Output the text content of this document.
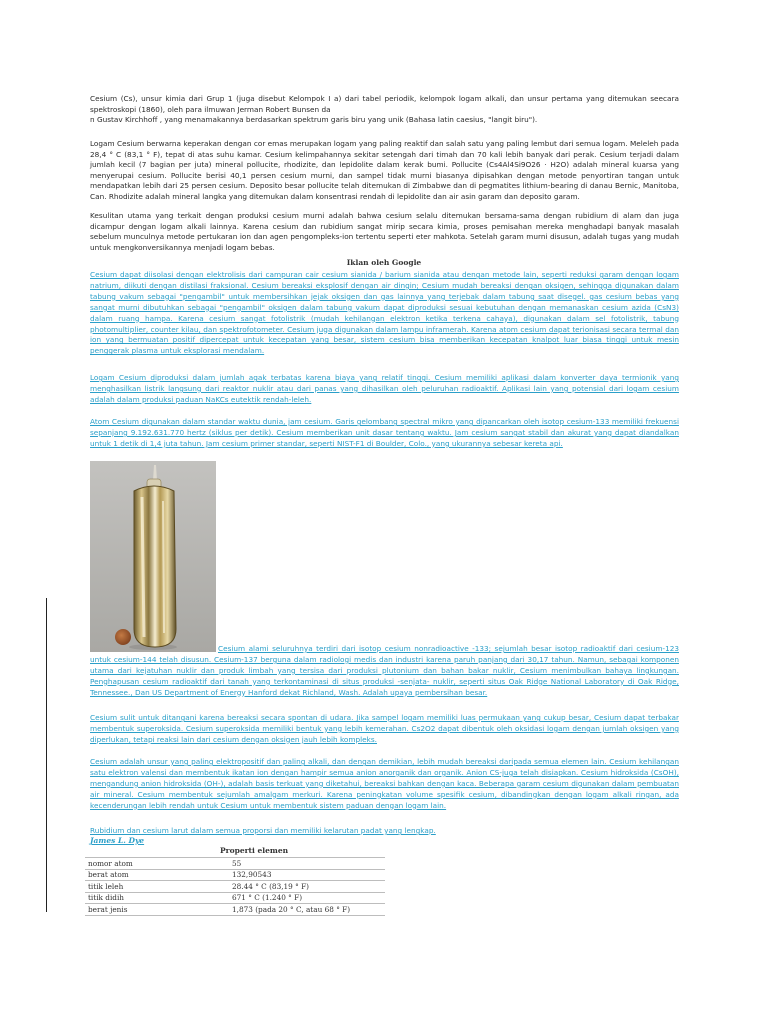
Cesium (Cs), unsur kimia dari Grup 1 (juga disebut Kelompok I a) dari tabel periodik, kelompok logam alkali, dan unsur pertama yang ditemukan seecara spektroskopi (1860), oleh para ilmuwan Jerman Robert Bunsen da

n Gustav Kirchhoff , yang menamakannya berdasarkan spektrum garis biru yang unik (Bahasa latin caesius, "langit biru").

Logam Cesium berwarna keperakan dengan cor emas merupakan logam yang paling reaktif dan salah satu yang paling lembut dari semua logam. Meleleh pada 28,4 ° C (83,1 ° F), tepat di atas suhu kamar. Cesium kelimpahannya sekitar setengah dari timah dan 70 kali lebih banyak dari perak. Cesium terjadi dalam jumlah kecil (7 bagian per juta) mineral pollucite, rhodizite, dan lepidolite dalam kerak bumi. Pollucite (Cs4Al4Si9O26 · H2O) adalah mineral kuarsa yang menyerupai cesium. Pollucite berisi 40,1 persen cesium murni, dan sampel tidak murni biasanya dipisahkan dengan metode penyortiran tangan untuk mendapatkan lebih dari 25 persen cesium. Deposito besar pollucite telah ditemukan di Zimbabwe dan di pegmatites lithium-bearing di danau Bernic, Manitoba, Can. Rhodizite adalah mineral langka yang ditemukan dalam konsentrasi rendah di lepidolite dan air asin garam dan deposito garam.

Kesulitan utama yang terkait dengan produksi cesium murni adalah bahwa cesium selalu ditemukan bersama-sama dengan rubidium di alam dan juga dicampur dengan logam alkali lainnya. Karena cesium dan rubidium sangat mirip secara kimia, proses pemisahan mereka menghadapi banyak masalah sebelum munculnya metode pertukaran ion dan agen pengompleks-ion tertentu seperti eter mahkota. Setelah garam murni disusun, adalah tugas yang mudah untuk mengkonversikannya menjadi logam bebas.

Iklan oleh Google

Cesium dapat diisolasi dengan elektrolisis dari campuran cair cesium sianida / barium sianida atau dengan metode lain, seperti reduksi garam dengan logam natrium, diikuti dengan distilasi fraksional. Cesium bereaksi eksplosif dengan air dingin; Cesium mudah bereaksi dengan oksigen, sehingga digunakan dalam tabung vakum sebagai "pengambil" untuk membersihkan jejak oksigen dan gas lainnya yang terjebak dalam tabung saat disegel. gas cesium bebas yang sangat murni dibutuhkan sebagai "pengambil" oksigen dalam tabung vakum dapat diproduksi sesuai kebutuhan dengan memanaskan cesium azida (CsN3) dalam ruang hampa. Karena cesium sangat fotolistrik (mudah kehilangan elektron ketika terkena cahaya), digunakan dalam sel fotolistrik, tabung photomultiplier, counter kilau, dan spektrofotometer. Cesium juga digunakan dalam lampu inframerah. Karena atom cesium dapat terionisasi secara termal dan ion yang bermuatan positif dipercepat untuk kecepatan yang besar, sistem cesium bisa memberikan kecepatan knalpot luar biasa tinggi untuk mesin penggerak plasma untuk eksplorasi mendalam.

Logam Cesium diproduksi dalam jumlah agak terbatas karena biaya yang relatif tinggi. Cesium memiliki aplikasi dalam konverter daya termionik yang menghasilkan listrik langsung dari reaktor nuklir atau dari panas yang dihasilkan oleh peluruhan radioaktif. Aplikasi lain yang potensial dari logam cesium adalah dalam produksi paduan NaKCs eutektik rendah-leleh.

Atom Cesium digunakan dalam standar waktu dunia, jam cesium. Garis gelombang spectral mikro yang dipancarkan oleh isotop cesium-133 memiliki frekuensi sepanjang 9.192.631.770 hertz (siklus per detik). Cesium memberikan unit dasar tentang waktu. Jam cesium sangat stabil dan akurat yang dapat diandalkan untuk 1 detik di 1,4 juta tahun. Jam cesium primer standar, seperti NIST-F1 di Boulder, Colo., yang ukurannya sebesar kereta api.

Cesium alami seluruhnya terdiri dari isotop cesium nonradioactive -133; sejumlah besar isotop radioaktif dari cesium-123 untuk cesium-144 telah disusun. Cesium-137 berguna dalam radiologi medis dan industri karena paruh panjang dari 30,17 tahun. Namun, sebagai komponen utama dari kejatuhan nuklir dan produk limbah yang tersisa dari produksi plutonium dan bahan bakar nuklir, Cesium menimbulkan bahaya lingkungan. Penghapusan cesium radioaktif dari tanah yang terkontaminasi di situs produksi -senjata- nuklir, seperti situs Oak Ridge National Laboratory di Oak Ridge, Tennessee., Dan US Department of Energy Hanford dekat Richland, Wash. Adalah upaya pembersihan besar.

Cesium sulit untuk ditangani karena bereaksi secara spontan di udara. Jika sampel logam memiliki luas permukaan yang cukup besar, Cesium dapat terbakar membentuk superoksida. Cesium superoksida memiliki bentuk yang lebih kemerahan. Cs2O2 dapat dibentuk oleh oksidasi logam dengan jumlah oksigen yang diperlukan, tetapi reaksi lain dari cesium dengan oksigen jauh lebih kompleks.

Cesium adalah unsur yang paling elektropositif dan paling alkali, dan dengan demikian, lebih mudah bereaksi daripada semua elemen lain. Cesium kehilangan satu elektron valensi dan membentuk ikatan ion dengan hampir semua anion anorganik dan organik. Anion CS-juga telah disiapkan. Cesium hidroksida (CsOH), mengandung anion hidroksida (OH-), adalah basis terkuat yang diketahui, bereaksi bahkan dengan kaca. Beberapa garam cesium digunakan dalam pembuatan air mineral. Cesium membentuk sejumlah amalgam merkuri. Karena peningkatan volume spesifik cesium, dibandingkan dengan logam alkali ringan, ada kecenderungan lebih rendah untuk Cesium untuk membentuk sistem paduan dengan logam lain.

Rubidium dan cesium larut dalam semua proporsi dan memiliki kelarutan padat yang lengkap.

James L. Dye
Properti elemen
nomor atom	55
berat atom	132,90543
titik leleh	28.44 ° C (83,19 ° F)
titik didih	671 ° C (1.240 ° F)
berat jenis	1,873 (pada 20 ° C, atau 68 ° F)
